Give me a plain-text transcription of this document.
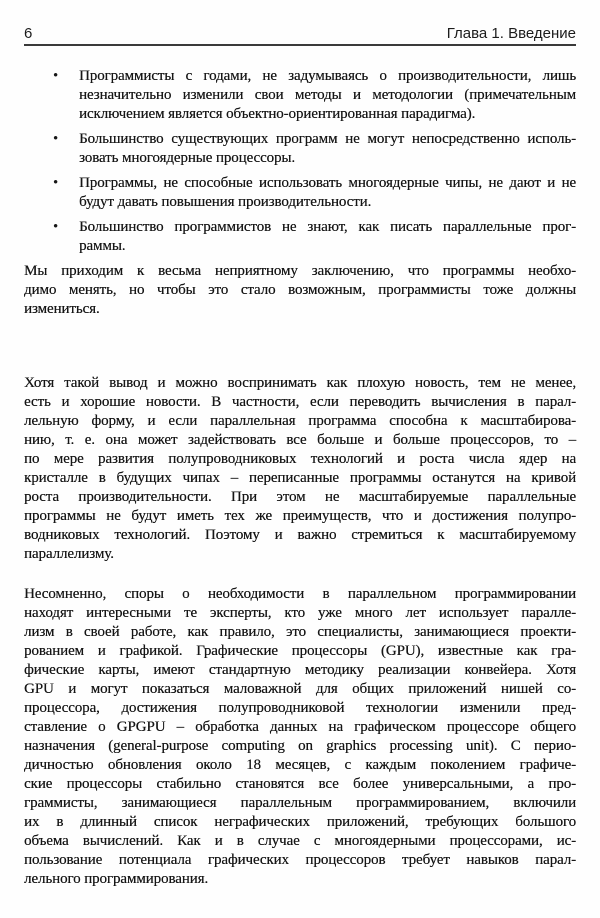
6	Глава 1. Введение
•	Программисты с годами, не задумываясь о производительности, лишь
незначительно изменили свои методы и методологии (примечательным
исключением является объектно-ориентированная парадигма).
•	Большинство существующих программ не могут непосредственно исполь-
зовать многоядерные процессоры.
•	Программы, не способные использовать многоядерные чипы, не дают и не
будут давать повышения производительности.
•	Большинство программистов не знают, как писать параллельные прог-
раммы.
Мы приходим к весьма неприятному заключению, что программы необхо-
димо менять, но чтобы это стало возможным, программисты тоже должны
измениться.
Хотя такой вывод и можно воспринимать как плохую новость, тем не менее,
есть и хорошие новости. В частности, если переводить вычисления в парал-
лельную форму, и если параллельная программа способна к масштабирова-
нию, т. е. она может задействовать все больше и больше процессоров, то –
по мере развития полупроводниковых технологий и роста числа ядер на
кристалле в будущих чипах – переписанные программы останутся на кривой
роста производительности. При этом не масштабируемые параллельные
программы не будут иметь тех же преимуществ, что и достижения полупро-
водниковых технологий. Поэтому и важно стремиться к масштабируемому
параллелизму.
Несомненно, споры о необходимости в параллельном программировании
находят интересными те эксперты, кто уже много лет использует паралле-
лизм в своей работе, как правило, это специалисты, занимающиеся проекти-
рованием и графикой. Графические процессоры (GPU), известные как гра-
фические карты, имеют стандартную методику реализации конвейера. Хотя
GPU и могут показаться маловажной для общих приложений нишей со-
процессора, достижения полупроводниковой технологии изменили пред-
ставление о GPGPU – обработка данных на графическом процессоре общего
назначения (general-purpose computing on graphics processing unit). С перио-
дичностью обновления около 18 месяцев, с каждым поколением графиче-
ские процессоры стабильно становятся все более универсальными, а про-
граммисты, занимающиеся параллельным программированием, включили
их в длинный список неграфических приложений, требующих большого
объема вычислений. Как и в случае с многоядерными процессорами, ис-
пользование потенциала графических процессоров требует навыков парал-
лельного программирования.
